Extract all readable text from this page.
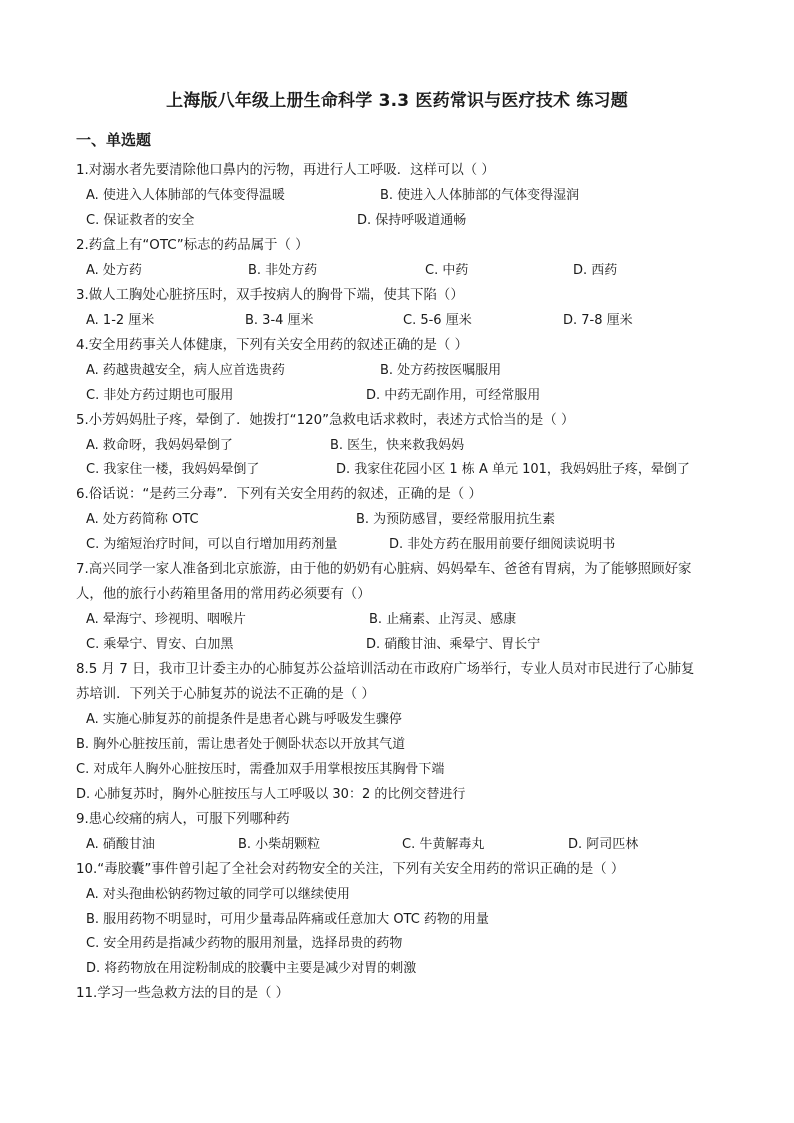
上海版八年级上册生命科学 3.3 医药常识与医疗技术 练习题
一、单选题
1.对溺水者先要清除他口鼻内的污物，再进行人工呼吸．这样可以（ ）
A. 使进入人体肺部的气体变得温暖	B. 使进入人体肺部的气体变得湿润
C. 保证救者的安全	D. 保持呼吸道通畅
2.药盒上有“OTC”标志的药品属于（ ）
A. 处方药	B. 非处方药	C. 中药	D. 西药
3.做人工胸处心脏挤压时，双手按病人的胸骨下端，使其下陷（）
A. 1-2 厘米	B. 3-4 厘米	C. 5-6 厘米	D. 7-8 厘米
4.安全用药事关人体健康，下列有关安全用药的叙述正确的是（ ）
A. 药越贵越安全，病人应首选贵药	B. 处方药按医嘱服用
C. 非处方药过期也可服用	D. 中药无副作用，可经常服用
5.小芳妈妈肚子疼，晕倒了．她拨打“120”急救电话求救时，表述方式恰当的是（ ）
A. 救命呀，我妈妈晕倒了	B. 医生，快来救我妈妈
C. 我家住一楼，我妈妈晕倒了	D. 我家住花园小区 1 栋 A 单元 101，我妈妈肚子疼，晕倒了
6.俗话说：“是药三分毒”．下列有关安全用药的叙述，正确的是（ ）
A. 处方药简称 OTC	B. 为预防感冒，要经常服用抗生素
C. 为缩短治疗时间，可以自行增加用药剂量	D. 非处方药在服用前要仔细阅读说明书
7.高兴同学一家人准备到北京旅游，由于他的奶奶有心脏病、妈妈晕车、爸爸有胃病，为了能够照顾好家
人，他的旅行小药箱里备用的常用药必须要有（）
A. 晕海宁、珍视明、咽喉片	B. 止痛素、止泻灵、感康
C. 乘晕宁、胃安、白加黑	D. 硝酸甘油、乘晕宁、胃长宁
8.5 月 7 日，我市卫计委主办的心肺复苏公益培训活动在市政府广场举行，专业人员对市民进行了心肺复
苏培训．下列关于心肺复苏的说法不正确的是（ ）
A. 实施心肺复苏的前提条件是患者心跳与呼吸发生骤停
B. 胸外心脏按压前，需让患者处于侧卧状态以开放其气道
C. 对成年人胸外心脏按压时，需叠加双手用掌根按压其胸骨下端
D. 心肺复苏时，胸外心脏按压与人工呼吸以 30：2 的比例交替进行
9.患心绞痛的病人，可服下列哪种药
A. 硝酸甘油	B. 小柴胡颗粒	C. 牛黄解毒丸	D. 阿司匹林
10.“毒胶囊”事件曾引起了全社会对药物安全的关注，下列有关安全用药的常识正确的是（ ）
A. 对头孢曲松钠药物过敏的同学可以继续使用
B. 服用药物不明显时，可用少量毒品阵痛或任意加大 OTC 药物的用量
C. 安全用药是指减少药物的服用剂量，选择昂贵的药物
D. 将药物放在用淀粉制成的胶囊中主要是减少对胃的刺激
11.学习一些急救方法的目的是（ ）
